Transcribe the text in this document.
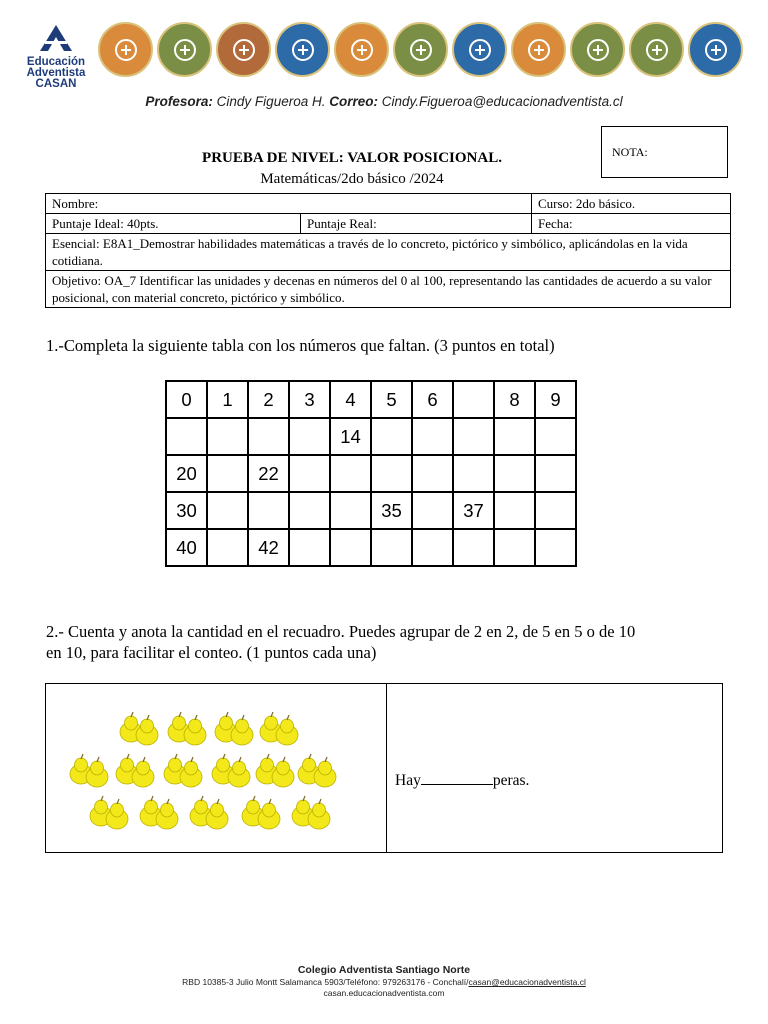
Educación
Adventista
CASAN
Profesora: Cindy Figueroa H. Correo: Cindy.Figueroa@educacionadventista.cl
PRUEBA DE NIVEL: VALOR POSICIONAL.
Matemáticas/2do básico /2024
NOTA:
Nombre:		Curso: 2do básico.
Puntaje Ideal: 40pts.	Puntaje Real:	Fecha:
Esencial: E8A1_Demostrar habilidades matemáticas a través de lo concreto, pictórico y simbólico, aplicándolas en la vida cotidiana.		
Objetivo: OA_7 Identificar las unidades y decenas en números del 0 al 100, representando las cantidades de acuerdo a su valor posicional, con material concreto, pictórico y simbólico.		
1.-Completa la siguiente tabla con los números que faltan. (3 puntos en total)
0	1	2	3	4	5	6		8	9
				14					
20		22							
30					35		37		
40		42							
2.- Cuenta y anota la cantidad en el recuadro. Puedes agrupar de 2 en 2, de 5 en 5 o de 10
en 10, para facilitar el conteo. (1 puntos cada una)
Hay	peras.
Colegio Adventista Santiago Norte
RBD 10385-3 Julio Montt Salamanca 5903/Teléfono: 979263176 - Conchalí/casan@educacionadventista.cl
casan.educacionadventista.com
